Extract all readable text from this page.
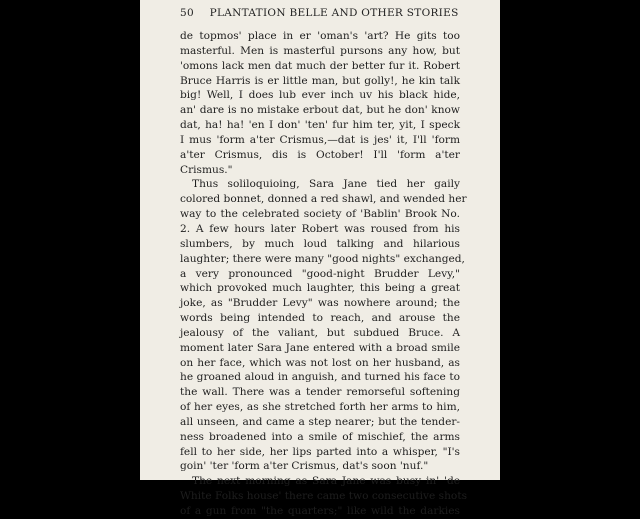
50 PLANTATION BELLE AND OTHER STORIES
de topmos' place in er 'oman's 'art? He gits too
masterful. Men is masterful pursons any how, but
'omons lack men dat much der better fur it. Robert
Bruce Harris is er little man, but golly!, he kin talk
big! Well, I does lub ever inch uv his black hide,
an' dare is no mistake erbout dat, but he don' know
dat, ha! ha! 'en I don' 'ten' fur him ter, yit, I speck
I mus 'form a'ter Crismus,—dat is jes' it, I'll 'form
a'ter Crismus, dis is October! I'll 'form a'ter
Crismus."
Thus soliloquioing, Sara Jane tied her gaily
colored bonnet, donned a red shawl, and wended her
way to the celebrated society of 'Bablin' Brook No.
2. A few hours later Robert was roused from his
slumbers, by much loud talking and hilarious
laughter; there were many "good nights" exchanged,
a very pronounced "good-night Brudder Levy,"
which provoked much laughter, this being a great
joke, as "Brudder Levy" was nowhere around; the
words being intended to reach, and arouse the
jealousy of the valiant, but subdued Bruce. A
moment later Sara Jane entered with a broad smile
on her face, which was not lost on her husband, as
he groaned aloud in anguish, and turned his face to
the wall. There was a tender remorseful softening
of her eyes, as she stretched forth her arms to him,
all unseen, and came a step nearer; but the tender-
ness broadened into a smile of mischief, the arms
fell to her side, her lips parted into a whisper, "I's
goin' 'ter 'form a'ter Crismus, dat's soon 'nuf."
The next morning as Sara Jane was busy in' 'de
White Folks house' there came two consecutive shots
of a gun from "the quarters;" like wild the darkies
